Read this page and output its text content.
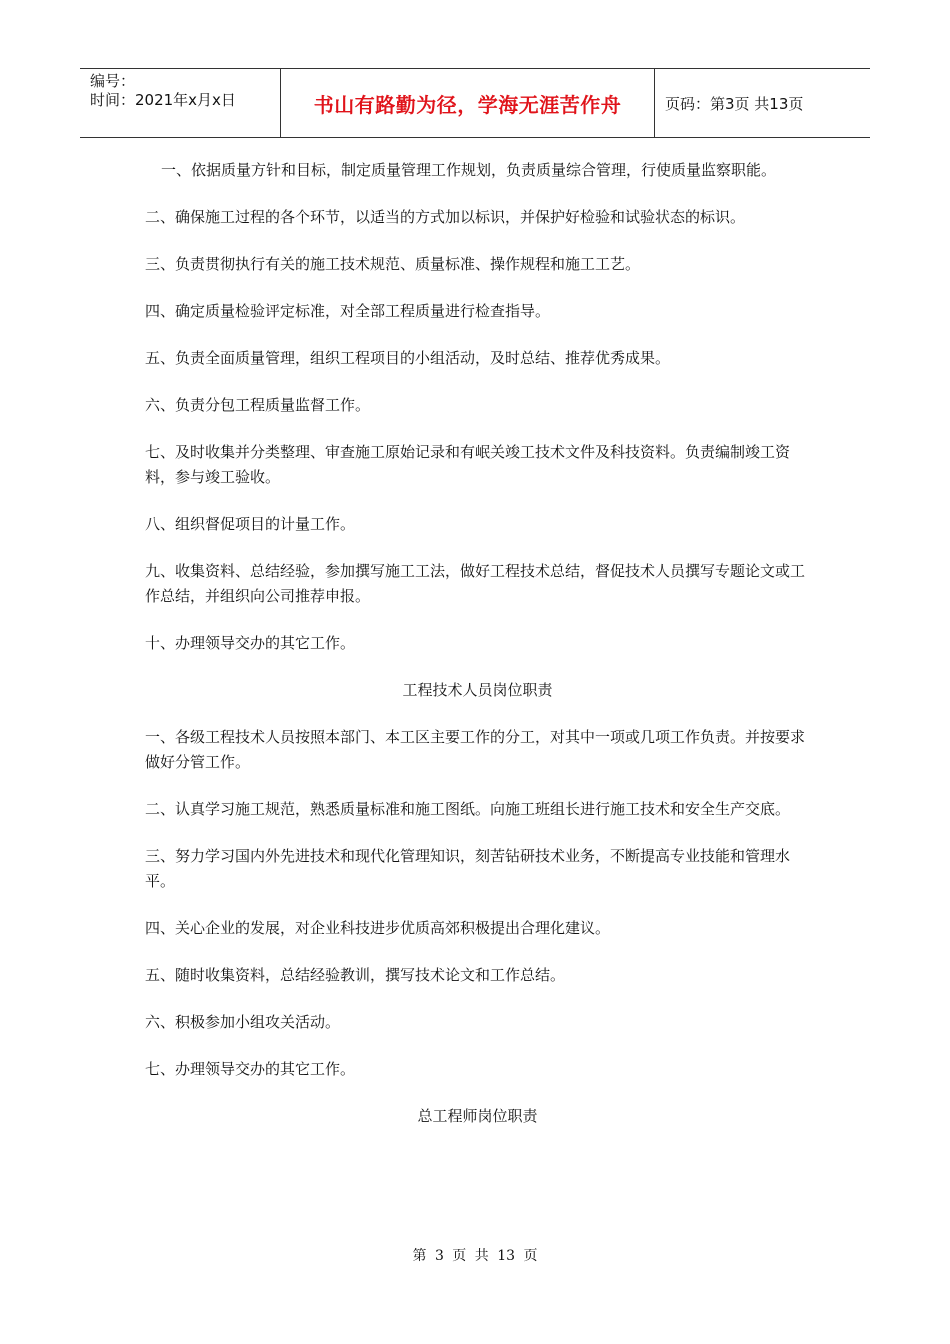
编号：
时间：2021年x月x日	书山有路勤为径，学海无涯苦作舟	页码：第3页 共13页

一、依据质量方针和目标，制定质量管理工作规划，负责质量综合管理，行使质量监察职能。

二、确保施工过程的各个环节，以适当的方式加以标识，并保护好检验和试验状态的标识。

三、负责贯彻执行有关的施工技术规范、质量标准、操作规程和施工工艺。

四、确定质量检验评定标准，对全部工程质量进行检查指导。

五、负责全面质量管理，组织工程项目的小组活动，及时总结、推荐优秀成果。

六、负责分包工程质量监督工作。

七、及时收集并分类整理、审查施工原始记录和有岷关竣工技术文件及科技资料。负责编制竣工资料，参与竣工验收。

八、组织督促项目的计量工作。

九、收集资料、总结经验，参加撰写施工工法，做好工程技术总结，督促技术人员撰写专题论文或工作总结，并组织向公司推荐申报。

十、办理领导交办的其它工作。

工程技术人员岗位职责

一、各级工程技术人员按照本部门、本工区主要工作的分工，对其中一项或几项工作负责。并按要求做好分管工作。

二、认真学习施工规范，熟悉质量标准和施工图纸。向施工班组长进行施工技术和安全生产交底。

三、努力学习国内外先进技术和现代化管理知识，刻苦钻研技术业务，不断提高专业技能和管理水平。

四、关心企业的发展，对企业科技进步优质高郊积极提出合理化建议。

五、随时收集资料，总结经验教训，撰写技术论文和工作总结。

六、积极参加小组攻关活动。

七、办理领导交办的其它工作。

总工程师岗位职责

第 3 页 共 13 页
